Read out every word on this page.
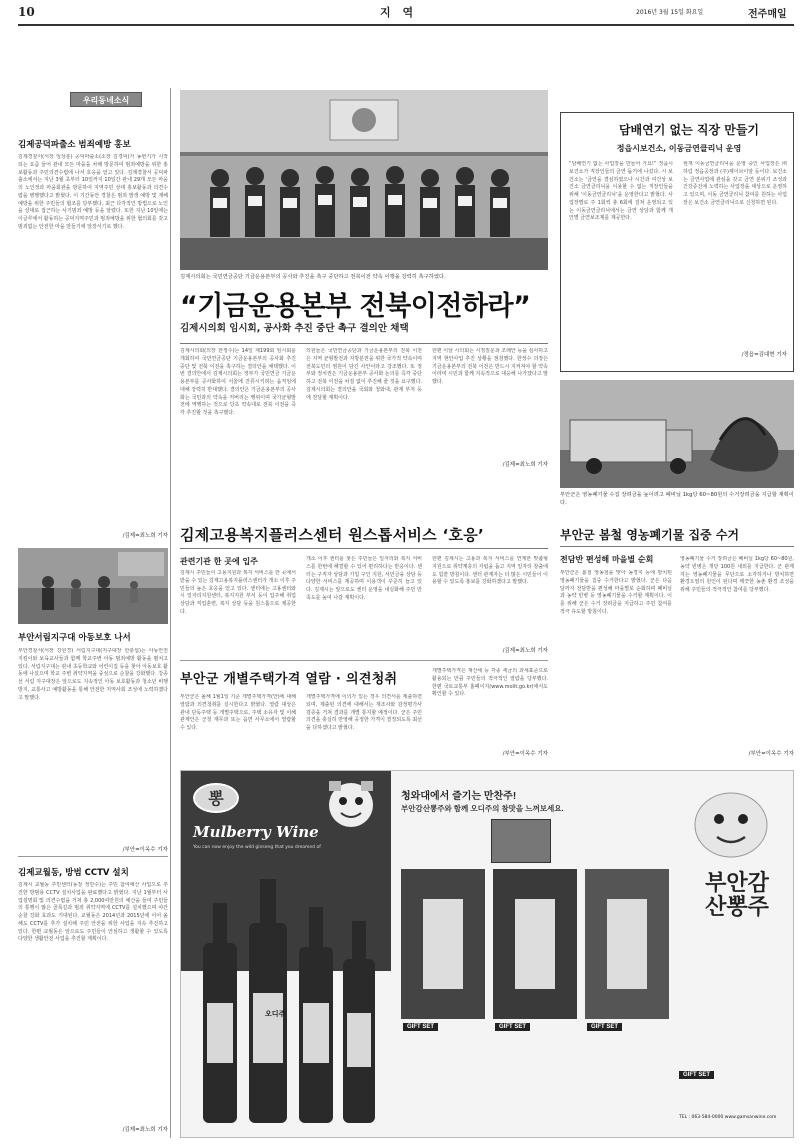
10	지 역	2016년 3월 15일 화요일	전주매일
우리동네소식
김제공덕파출소 범죄예방 홍보
김제경찰서(서장 임상훈) 공덕파출소(소장 김경덕)가 농번기가 시작되는 요즘 들어 관내 모든 마을을 차례 방문하여 범죄예방을 위한 홍보활동과 주민의견수렴에 나서 호응을 얻고 있다. 김제경찰서 공덕파출소에서는 지난 3월 초부터 10일까지 10일간 관내 29개 모든 마을의 노인정과 마을회관을 방문하여 지역주민 상대 홍보활동과 의견수렴을 병행했다고 밝혔다. 이 기간동안 경찰은 범죄 발생 예방 및 재해 예방을 위한 주민들의 협조를 당부했다. 최근 다각적인 방법으로 노인을 상대로 접근하는 사기범죄 예방 등을 알렸다. 또한 지난 10일에는 이글루에서 활동하는 공덕지역주민과 범죄예방을 위한 협의회를 갖고 범죄없는 안전한 마을 만들기에 앞장서기로 했다.
/김제=최노희 기자
부안서림지구대 아동보호 나서
부안경찰서(서장 강원경) 서림지구대(지구대장 한충섭)는 아동안전 지킴이와 보육교사들과 함께 학교주변 아동 범죄예방 활동을 펼치고 있다. 서림지구대는 관내 초등학교와 어린이집 등을 찾아 아동보호 활동에 나섰으며 학교 주변 취약지역을 중심으로 순찰을 강화했다. 강종선 서림 지구대장은 앞으로도 지속적인 아동 보호활동과 청소년 비행 방지, 교통사고 예방활동을 통해 안전한 지역사회 조성에 노력하겠다고 말했다.
/부안=이옥수 기자
김제교월동, 방범 CCTV 설치
김제시 교월동 주민센터(동장 정만수)는 주민 참여예산 사업으로 추진한 방범용 CCTV 설치사업을 완료했다고 밝혔다. 지난 1월부터 사업설명회 및 의견수렴을 거쳐 총 2,000여만원의 예산을 들여 주민들의 통행이 많은 골목길과 범죄 취약지역에 CCTV를 설치했으며 야간 순찰 강화 효과도 기대된다. 교월동은 2014년과 2015년에 이어 올해도 CCTV를 추가 설치해 주민 안전을 위한 사업을 지속 추진하고 있다. 한편 교월동은 앞으로도 주민들이 안심하고 생활할 수 있도록 다양한 생활안전 사업을 추진할 계획이다.
/김제=최노희 기자
김제시의회는 국민연금공단 기금운용본부의 공사와 추진을 촉구 중단하고 전북이전 약속 이행을 강력히 촉구하였다.
“기금운용본부 전북이전하라”
김제시의회 임시회, 공사화 추진 중단 촉구 결의안 채택
김제시의회(의장 한정수)는 14일 제199회 임시회를 개회하여 국민연금공단 기금운용본부의 공사화 추진 중단 및 전북 이전을 촉구하는 결의안을 채택했다. 이번 결의안에서 김제시의회는 정부가 국민연금 기금운용본부를 공사화하여 서울에 잔류시키려는 움직임에 대해 강력히 반대했다. 결의안은 기금운용본부의 공사화는 국민과의 약속을 저버리는 행위이며 국가균형발전에 역행하는 것으로 당초 약속대로 전북 이전을 즉각 추진할 것을 촉구했다.
의원들은 국민연금공단과 기금운용본부의 전북 이전은 지역 균형발전과 지방분권을 위한 국가적 약속이며 전북도민의 염원이 담긴 사안이라고 강조했다. 또 정부와 정치권은 기금운용본부 공사화 논의를 즉각 중단하고 전북 이전을 차질 없이 추진해 줄 것을 요구했다. 김제시의회는 결의안을 국회와 청와대, 관계 부처 등에 전달할 계획이다.
한편 이날 시의회는 시정질문과 조례안 등을 심사하고 지역 현안사업 추진 상황을 점검했다. 한정수 의장은 기금운용본부의 전북 이전은 반드시 지켜져야 할 약속이라며 시민과 함께 지속적으로 대응해 나가겠다고 말했다.
/김제=최노희 기자
담배연기 없는 직장 만들기
정읍시보건소, 이동금연클리닉 운영
“담배연기 없는 사업장을 만들어 가요!” 정읍시보건소가 직장인들의 금연 돕기에 나섰다. 시 보건소는 ‘금연을 결심하였으나 시간과 여건상 보건소 금연클리닉을 이용할 수 없는 직장인들을 위해 ‘이동금연클리닉’을 운영한다고 밝혔다. 사업장별로 주 1회씩 총 6회에 걸쳐 운영되고 있는 이동금연클리닉에서는 금연 상담과 함께 개인별 금연보조제를 제공한다.
현재 이동금연클리닉을 운영 중인 사업장은 ㈜하림 정읍공장과 (주)제이브이알 등이다. 보건소는 금연사업에 관심을 갖고 금연 분위기 조성과 건강증진에 노력하는 사업장을 대상으로 운영하고 있으며, 이동 금연클리닉 참여를 원하는 사업장은 보건소 금연클리닉으로 신청하면 된다.
/정읍=김대현 기자
부안군은 영농폐기물 수집 장려금을 높이려고 폐비닐 1kg당 60~80원의 수거장려금을 지급할 계획이다.
김제고용복지플러스센터 원스톱서비스 ‘호응’
관련기관 한 곳에 입주
김제시 주민들이 고용지원과 복지 서비스를 한 곳에서 받을 수 있는 김제고용복지플러스센터가 개소 이후 주민들의 높은 호응을 얻고 있다. 센터에는 고용센터와 시 일자리지원센터, 복지지원 부서 등이 입주해 취업상담과 직업훈련, 복지 상담 등을 원스톱으로 제공한다.
개소 이후 센터를 찾은 주민들은 일자리와 복지 서비스를 한번에 해결할 수 있어 편리하다는 반응이다. 센터는 구직자 상담과 기업 구인 지원, 서민금융 상담 등 다양한 서비스를 제공하며 이용객이 꾸준히 늘고 있다. 김제시는 앞으로도 센터 운영을 내실화해 주민 만족도를 높여 나갈 계획이다.
한편 김제시는 고용과 복지 서비스를 연계한 맞춤형 지원으로 취약계층의 자립을 돕고 지역 일자리 창출에도 힘쓸 방침이다. 센터 관계자는 더 많은 시민들이 이용할 수 있도록 홍보를 강화하겠다고 말했다.
/김제=최노희 기자
부안군 개별주택가격 열람 · 의견청취
부안군은 올해 1월1일 기준 개별주택가격(안)에 대해 열람과 의견청취를 실시한다고 밝혔다. 열람 대상은 관내 단독주택 등 개별주택으로, 주택 소유자 및 이해관계인은 군청 재무과 또는 읍면 사무소에서 열람할 수 있다.
개별주택가격에 이의가 있는 경우 의견서를 제출하면 되며, 제출된 의견에 대해서는 재조사와 감정평가사 검증을 거쳐 결과를 개별 통지할 예정이다. 군은 주민 의견을 충실히 반영해 공정한 가격이 결정되도록 최선을 다하겠다고 밝혔다.
개별주택가격은 재산세 등 각종 세금의 과세표준으로 활용되는 만큼 주민들의 적극적인 열람을 당부했다. 한편 국토교통부 홈페이지(www.molit.go.kr)에서도 확인할 수 있다.
/부안=이옥수 기자
부안군 봄철 영농폐기물 집중 수거
전담반 편성해 마을별 순회
부안군은 봄철 영농철을 맞아 농경지 등에 방치된 영농폐기물을 집중 수거한다고 밝혔다. 군은 다음 달까지 전담반을 편성해 마을별로 순회하며 폐비닐과 농약 빈병 등 영농폐기물을 수거할 계획이다. 이를 위해 군은 수거 장려금을 지급하고 주민 참여를 적극 유도할 방침이다.
영농폐기물 수거 장려금은 폐비닐 1kg당 60~80원, 농약 빈병은 개당 100원 내외를 지급한다. 군 관계자는 영농폐기물을 무단으로 소각하거나 방치하면 환경오염의 원인이 된다며 깨끗한 농촌 환경 조성을 위해 주민들의 적극적인 참여를 당부했다.
/부안=이옥수 기자
뽕
Mulberry Wine
You can now enjoy the wild ginseng that you dreamed of
청와대에서 즐기는 만찬주!
부안감산뽕주와 함께 오디주의 참맛을 느껴보세요.
GIFT SET	GIFT SET	GIFT SET
부안감산뽕주
GIFT SET
TEL : 063-584-0000 www.gamsanwine.com
오디주
